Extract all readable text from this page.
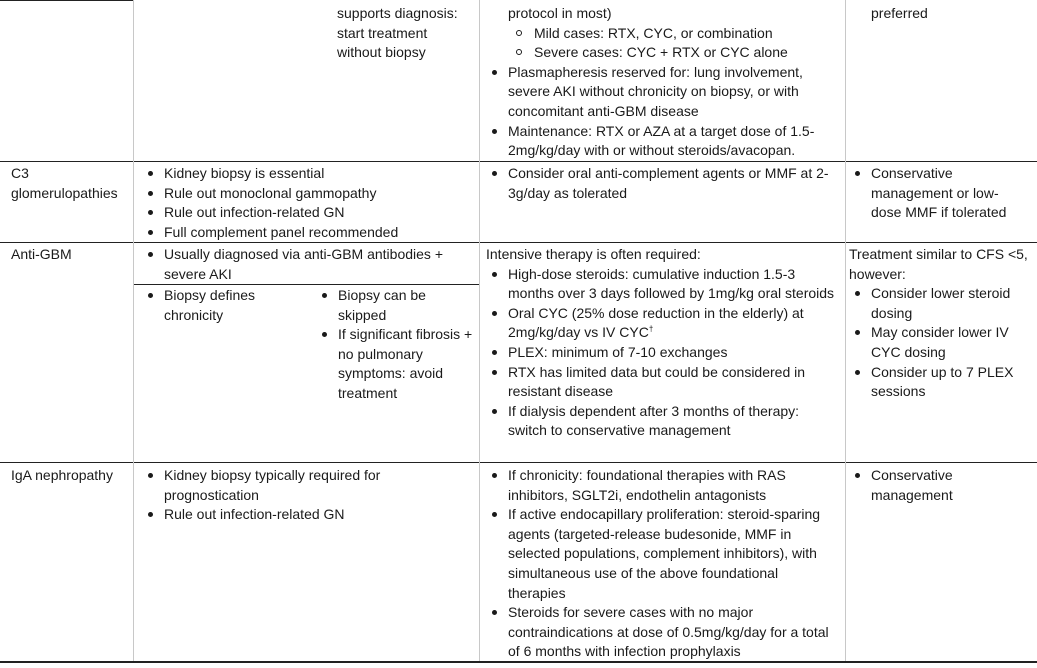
supports diagnosis:
start treatment
without biopsy
protocol in most)
Mild cases: RTX, CYC, or combination
Severe cases: CYC + RTX or CYC alone
Plasmapheresis reserved for: lung involvement, severe AKI without chronicity on biopsy, or with concomitant anti-GBM disease
Maintenance: RTX or AZA at a target dose of 1.5-2mg/kg/day with or without steroids/avacopan.
preferred
C3 glomerulopathies
Kidney biopsy is essential
Rule out monoclonal gammopathy
Rule out infection-related GN
Full complement panel recommended
Consider oral anti-complement agents or MMF at 2-3g/day as tolerated
Conservative management or low-dose MMF if tolerated
Anti-GBM	Usually diagnosed via anti-GBM antibodies + severe AKI
Biopsy defines chronicity
Biopsy can be skipped
If significant fibrosis + no pulmonary symptoms: avoid treatment
Intensive therapy is often required:
High-dose steroids: cumulative induction 1.5-3 months over 3 days followed by 1mg/kg oral steroids
Oral CYC (25% dose reduction in the elderly) at 2mg/kg/day vs IV CYC†
PLEX: minimum of 7-10 exchanges
RTX has limited data but could be considered in resistant disease
If dialysis dependent after 3 months of therapy: switch to conservative management
Treatment similar to CFS <5, however:
Consider lower steroid dosing
May consider lower IV CYC dosing
Consider up to 7 PLEX sessions
IgA nephropathy	Kidney biopsy typically required for prognostication
Rule out infection-related GN
If chronicity: foundational therapies with RAS inhibitors, SGLT2i, endothelin antagonists
If active endocapillary proliferation: steroid-sparing agents (targeted-release budesonide, MMF in selected populations, complement inhibitors), with simultaneous use of the above foundational therapies
Steroids for severe cases with no major contraindications at dose of 0.5mg/kg/day for a total of 6 months with infection prophylaxis
Conservative management
